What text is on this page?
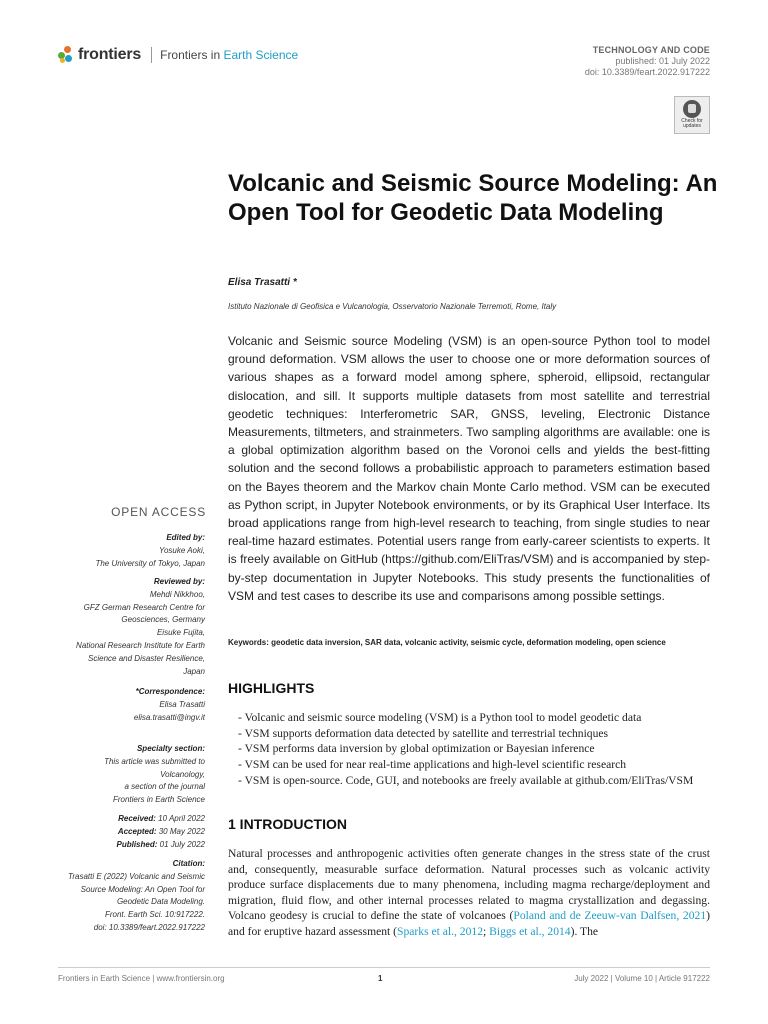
frontiers Frontiers in Earth Science	TECHNOLOGY AND CODE
published: 01 July 2022
doi: 10.3389/feart.2022.917222
Check for updates
Volcanic and Seismic Source Modeling: An Open Tool for Geodetic Data Modeling
Elisa Trasatti *
Istituto Nazionale di Geofisica e Vulcanologia, Osservatorio Nazionale Terremoti, Rome, Italy

Volcanic and Seismic source Modeling (VSM) is an open-source Python tool to model ground deformation. VSM allows the user to choose one or more deformation sources of various shapes as a forward model among sphere, spheroid, ellipsoid, rectangular dislocation, and sill. It supports multiple datasets from most satellite and terrestrial geodetic techniques: Interferometric SAR, GNSS, leveling, Electronic Distance Measurements, tiltmeters, and strainmeters. Two sampling algorithms are available: one is a global optimization algorithm based on the Voronoi cells and yields the best-fitting solution and the second follows a probabilistic approach to parameters estimation based on the Bayes theorem and the Markov chain Monte Carlo method. VSM can be executed as Python script, in Jupyter Notebook environments, or by its Graphical User Interface. Its broad applications range from high-level research to teaching, from single studies to near real-time hazard estimates. Potential users range from early-career scientists to experts. It is freely available on GitHub (https://github.com/EliTras/VSM) and is accompanied by step-by-step documentation in Jupyter Notebooks. This study presents the functionalities of VSM and test cases to describe its use and comparisons among possible settings.

Keywords: geodetic data inversion, SAR data, volcanic activity, seismic cycle, deformation modeling, open science
HIGHLIGHTS
- Volcanic and seismic source modeling (VSM) is a Python tool to model geodetic data
- VSM supports deformation data detected by satellite and terrestrial techniques
- VSM performs data inversion by global optimization or Bayesian inference
- VSM can be used for near real-time applications and high-level scientific research
- VSM is open-source. Code, GUI, and notebooks are freely available at github.com/EliTras/VSM
1 INTRODUCTION

Natural processes and anthropogenic activities often generate changes in the stress state of the crust and, consequently, measurable surface deformation. Natural processes such as volcanic activity produce surface displacements due to many phenomena, including magma recharge/deployment and migration, fluid flow, and other internal processes related to magma crystallization and degassing. Volcano geodesy is crucial to define the state of volcanoes (Poland and de Zeeuw-van Dalfsen, 2021) and for eruptive hazard assessment (Sparks et al., 2012; Biggs et al., 2014). The

OPEN ACCESS
Edited by:
Yosuke Aoki,
The University of Tokyo, Japan
Reviewed by:
Mehdi Nikkhoo,
GFZ German Research Centre for
Geosciences, Germany
Eisuke Fujita,
National Research Institute for Earth
Science and Disaster Resilience,
Japan
*Correspondence:
Elisa Trasatti
elisa.trasatti@ingv.it
Specialty section:
This article was submitted to
Volcanology,
a section of the journal
Frontiers in Earth Science
Received: 10 April 2022
Accepted: 30 May 2022
Published: 01 July 2022
Citation:
Trasatti E (2022) Volcanic and Seismic
Source Modeling: An Open Tool for
Geodetic Data Modeling.
Front. Earth Sci. 10:917222.
doi: 10.3389/feart.2022.917222
Frontiers in Earth Science | www.frontiersin.org	1	July 2022 | Volume 10 | Article 917222
